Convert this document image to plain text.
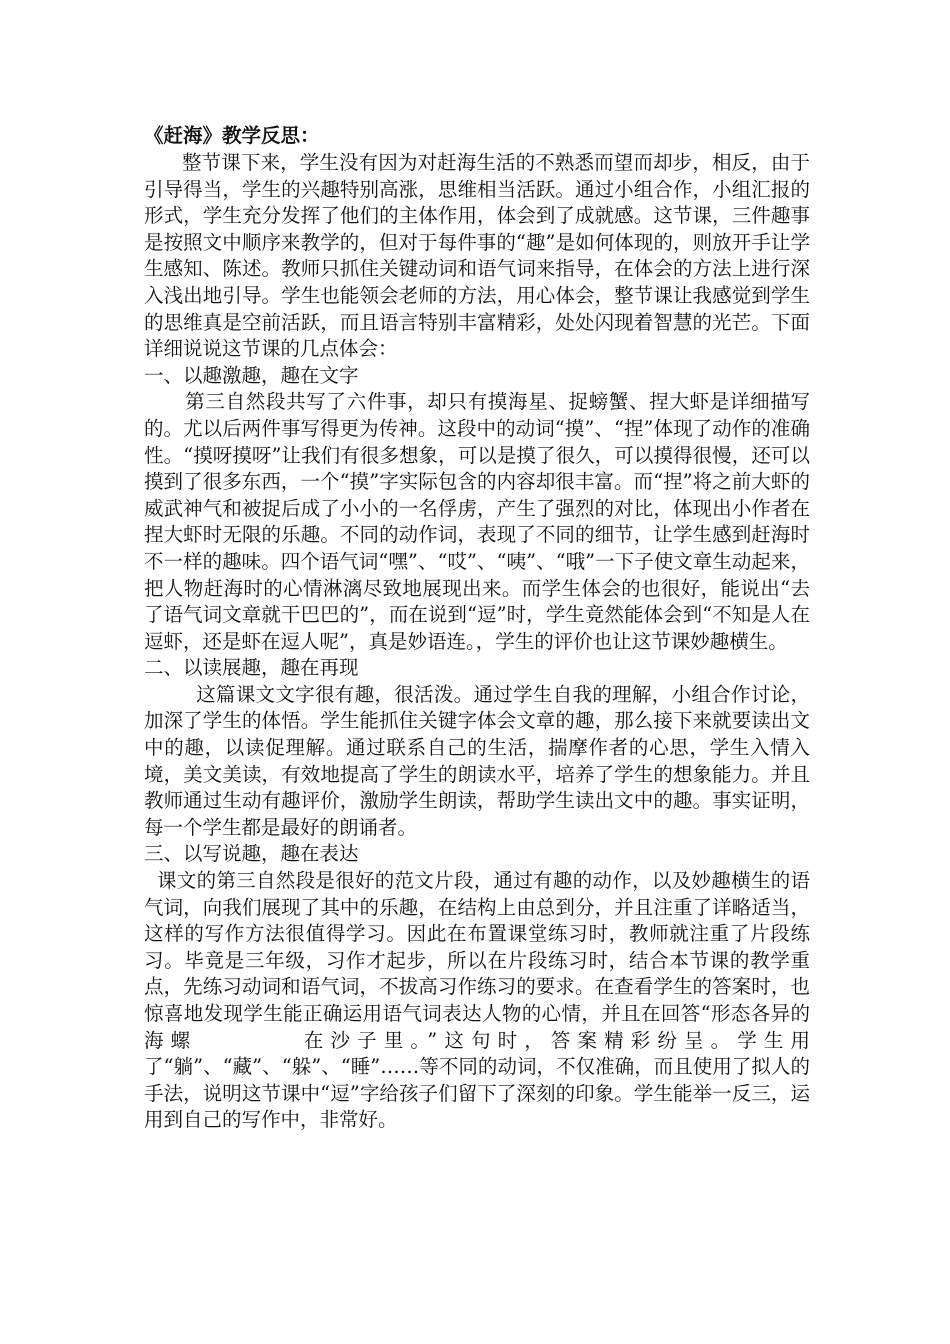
《赶海》教学反思：

整节课下来，学生没有因为对赶海生活的不熟悉而望而却步，相反，由于引导得当，学生的兴趣特别高涨，思维相当活跃。通过小组合作，小组汇报的形式，学生充分发挥了他们的主体作用，体会到了成就感。这节课，三件趣事是按照文中顺序来教学的，但对于每件事的“趣”是如何体现的，则放开手让学生感知、陈述。教师只抓住关键动词和语气词来指导，在体会的方法上进行深入浅出地引导。学生也能领会老师的方法，用心体会，整节课让我感觉到学生的思维真是空前活跃，而且语言特别丰富精彩，处处闪现着智慧的光芒。下面详细说说这节课的几点体会：

一、以趣激趣，趣在文字

第三自然段共写了六件事，却只有摸海星、捉螃蟹、捏大虾是详细描写的。尤以后两件事写得更为传神。这段中的动词“摸”、“捏”体现了动作的准确性。“摸呀摸呀”让我们有很多想象，可以是摸了很久，可以摸得很慢，还可以摸到了很多东西，一个“摸”字实际包含的内容却很丰富。而“捏”将之前大虾的威武神气和被捉后成了小小的一名俘虏，产生了强烈的对比，体现出小作者在捏大虾时无限的乐趣。不同的动作词，表现了不同的细节，让学生感到赶海时不一样的趣味。四个语气词“嘿”、“哎”、“咦”、“哦”一下子使文章生动起来，把人物赶海时的心情淋漓尽致地展现出来。而学生体会的也很好，能说出“去了语气词文章就干巴巴的”，而在说到“逗”时，学生竟然能体会到“不知是人在逗虾，还是虾在逗人呢”，真是妙语连。，学生的评价也让这节课妙趣横生。

二、以读展趣，趣在再现

这篇课文文字很有趣，很活泼。通过学生自我的理解，小组合作讨论，加深了学生的体悟。学生能抓住关键字体会文章的趣，那么接下来就要读出文中的趣，以读促理解。通过联系自己的生活，揣摩作者的心思，学生入情入境，美文美读，有效地提高了学生的朗读水平，培养了学生的想象能力。并且教师通过生动有趣评价，激励学生朗读，帮助学生读出文中的趣。事实证明，每一个学生都是最好的朗诵者。

三、以写说趣，趣在表达

课文的第三自然段是很好的范文片段，通过有趣的动作，以及妙趣横生的语气词，向我们展现了其中的乐趣，在结构上由总到分，并且注重了详略适当，这样的写作方法很值得学习。因此在布置课堂练习时，教师就注重了片段练习。毕竟是三年级，习作才起步，所以在片段练习时，结合本节课的教学重点，先练习动词和语气词，不拔高习作练习的要求。在查看学生的答案时，也惊喜地发现学生能正确运用语气词表达人物的心情，并且在回答“形态各异的海螺        在沙子里。”这句时，答案精彩纷呈。学生用了“躺”、“藏”、“躲”、“睡”……等不同的动词，不仅准确，而且使用了拟人的手法，说明这节课中“逗”字给孩子们留下了深刻的印象。学生能举一反三，运用到自己的写作中，非常好。
